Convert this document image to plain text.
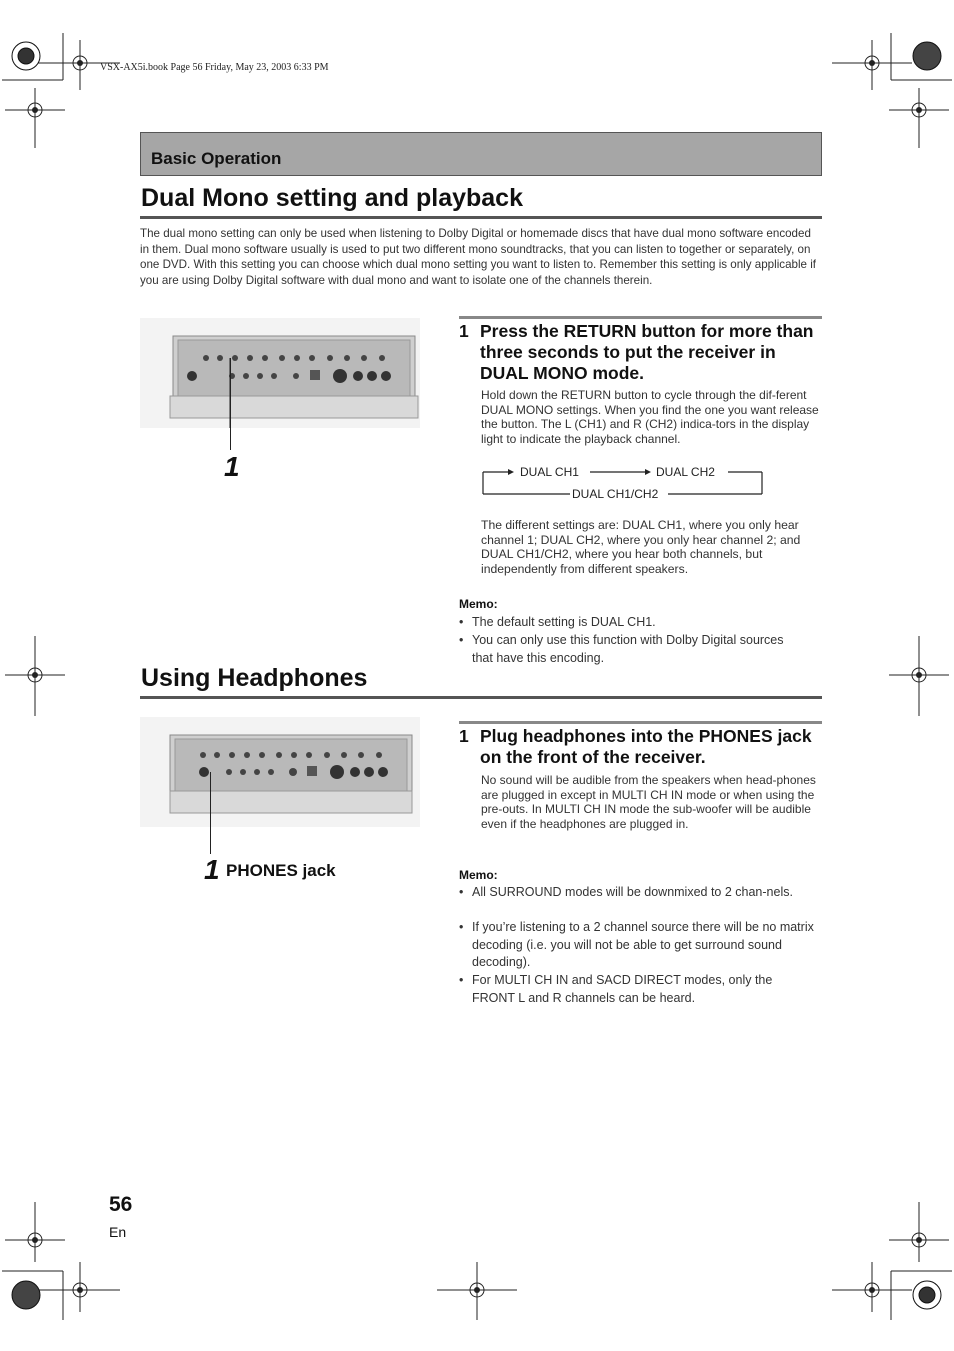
VSX-AX5i.book Page 56 Friday, May 23, 2003 6:33 PM
Basic Operation
Dual Mono setting and playback
The dual mono setting can only be used when listening to Dolby Digital or homemade discs that have dual mono software encoded in them. Dual mono software usually is used to put two different mono soundtracks, that you can listen to together or separately, on one DVD. With this setting you can choose which dual mono setting you want to listen to. Remember this setting is only applicable if you are using Dolby Digital software with dual mono and want to isolate one of the channels therein.
1
1 Press the RETURN button for more than three seconds to put the receiver in DUAL MONO mode.
Hold down the RETURN button to cycle through the dif-ferent DUAL MONO settings. When you find the one you want release the button. The L (CH1) and R (CH2) indica-tors in the display light to indicate the playback channel.
DUAL CH1	DUAL CH2
DUAL CH1/CH2
The different settings are: DUAL CH1, where you only hear channel 1; DUAL CH2, where you only hear channel 2; and DUAL CH1/CH2, where you hear both channels, but independently from different speakers.
Memo:
• The default setting is DUAL CH1.
• You can only use this function with Dolby Digital sources that have this encoding.
Using Headphones
1 PHONES jack
1 Plug headphones into the PHONES jack on the front of the receiver.
No sound will be audible from the speakers when head-phones are plugged in except in MULTI CH IN mode or when using the pre-outs. In MULTI CH IN mode the sub-woofer will be audible even if the headphones are plugged in.
Memo:
• All SURROUND modes will be downmixed to 2 chan-nels.
• If you’re listening to a 2 channel source there will be no matrix decoding (i.e. you will not be able to get surround sound decoding).
• For MULTI CH IN and SACD DIRECT modes, only the FRONT L and R channels can be heard.
56
En
